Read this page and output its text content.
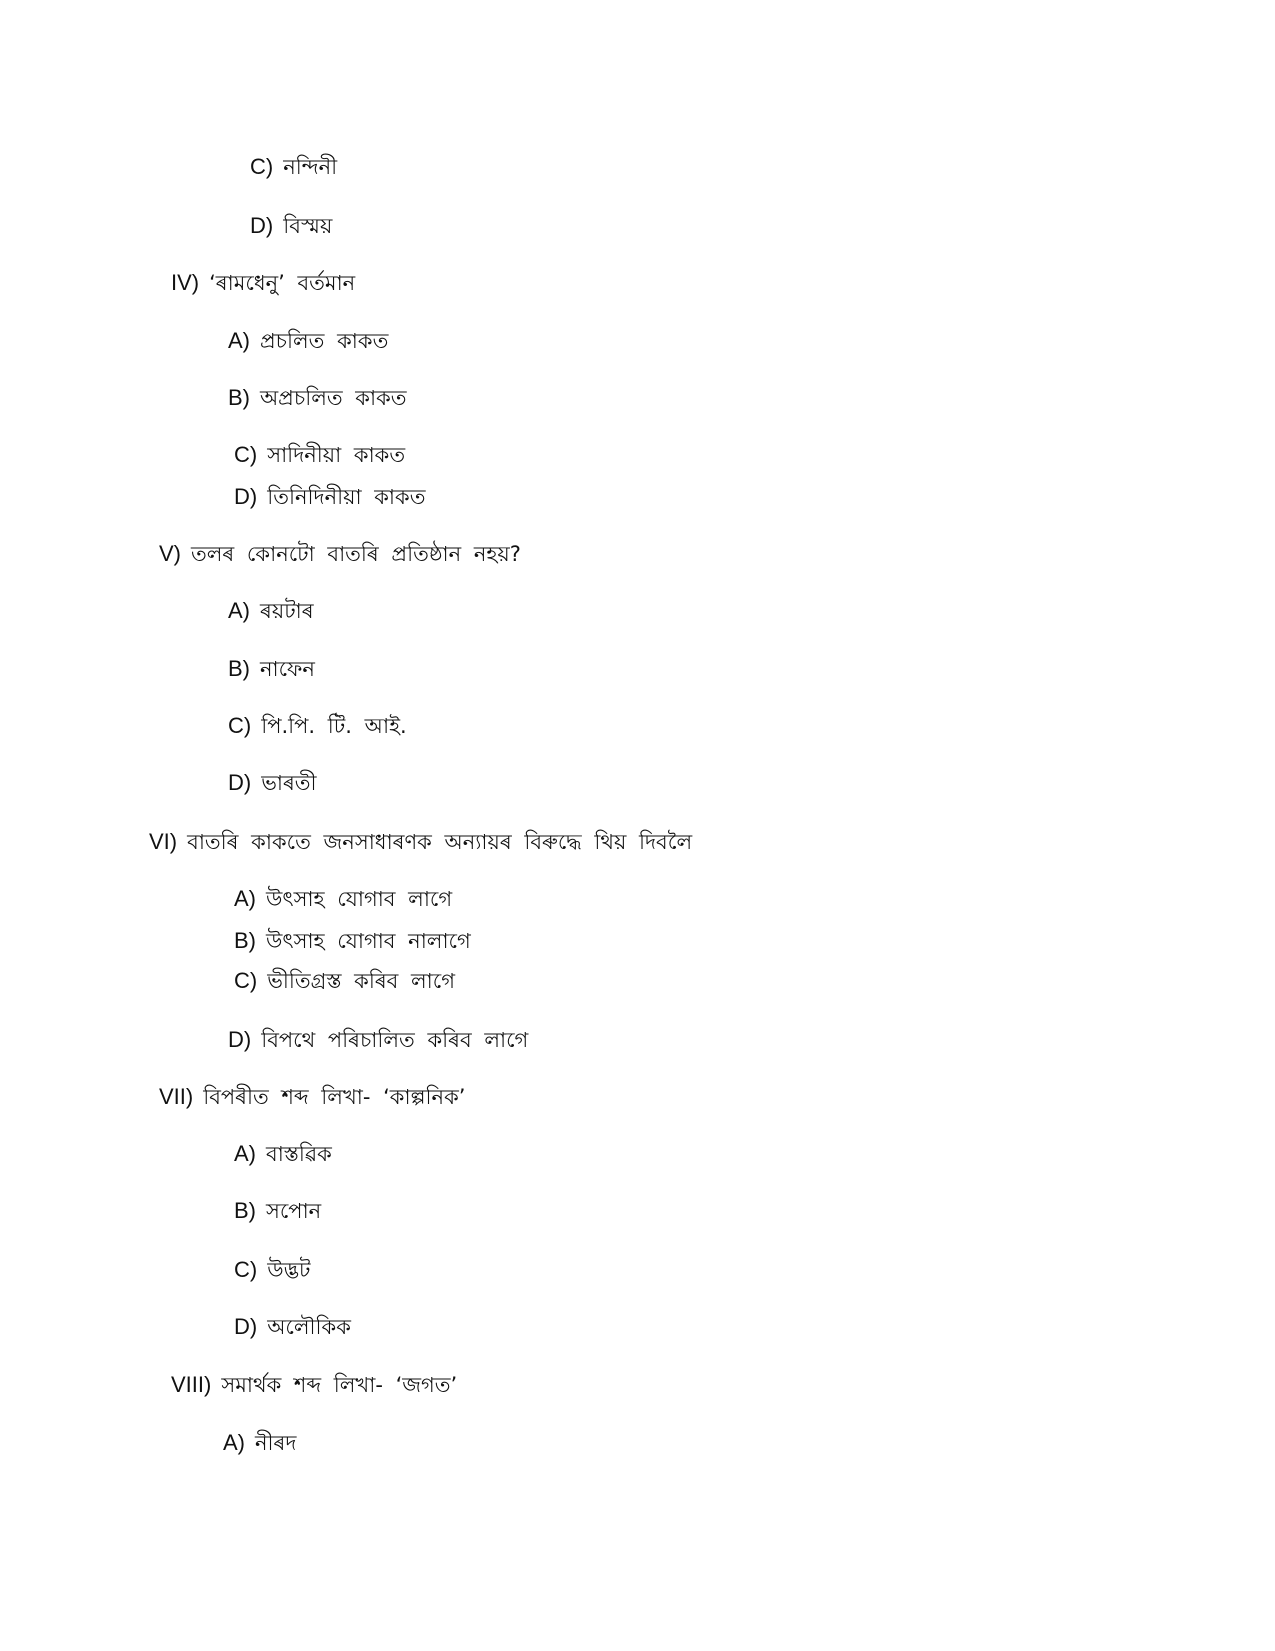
C) নন্দিনী
D) বিস্ময়
IV) ‘ৰামধেনু’ বৰ্তমান
A) প্ৰচলিত কাকত
B) অপ্ৰচলিত কাকত
C) সাদিনীয়া কাকত
D) তিনিদিনীয়া কাকত
V) তলৰ কোনটো বাতৰি প্ৰতিষ্ঠান নহয়?
A) ৰয়টাৰ
B) নাফেন
C) পি.পি. টি. আই.
D) ভাৰতী
VI) বাতৰি কাকতে জনসাধাৰণক অন্যায়ৰ বিৰুদ্ধে থিয় দিবলৈ
A) উৎসাহ যোগাব লাগে
B) উৎসাহ যোগাব নালাগে
C) ভীতিগ্ৰস্ত কৰিব লাগে
D) বিপথে পৰিচালিত কৰিব লাগে
VII) বিপৰীত শব্দ লিখা- ‘কাল্পনিক’
A) বাস্তৱিক
B) সপোন
C) উদ্ভট
D) অলৌকিক
VIII) সমাৰ্থক শব্দ লিখা- ‘জগত’
A) নীৰদ
